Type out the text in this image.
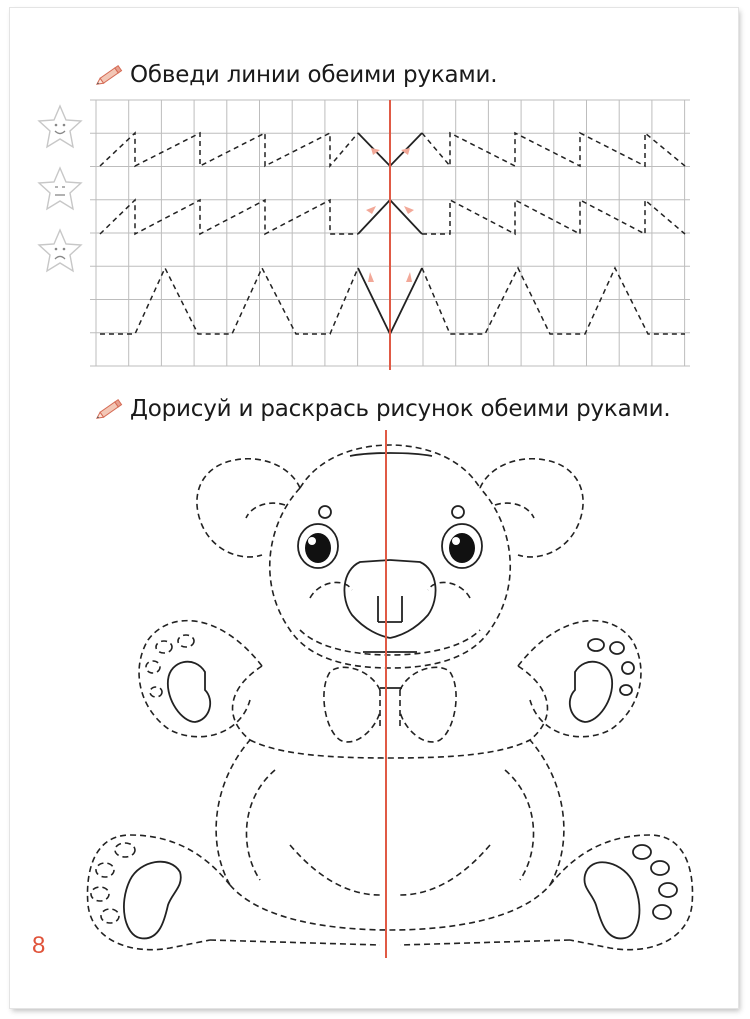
Обведи линии обеими руками.
Дорисуй и раскрась рисунок обеими руками.
8
